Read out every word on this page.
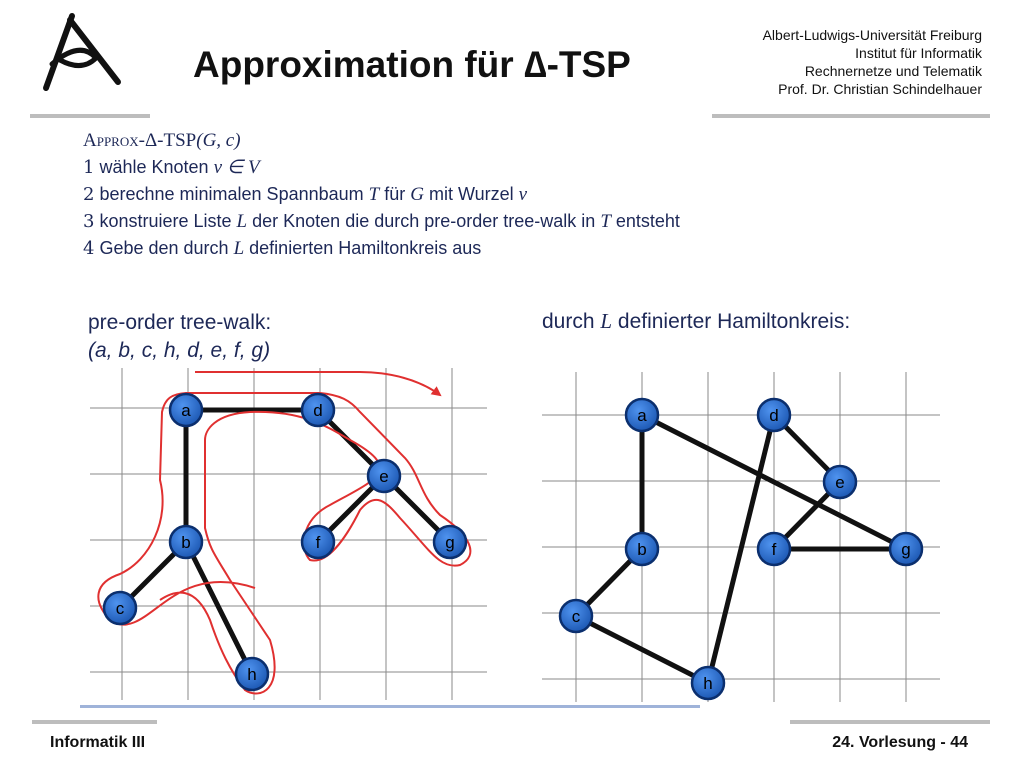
Approximation für ∆-TSP
Albert-Ludwigs-Universität Freiburg
Institut für Informatik
Rechnernetze und Telematik
Prof. Dr. Christian Schindelhauer
Approx-Δ-TSP(G, c)
1 wähle Knoten v ∈ V
2 berechne minimalen Spannbaum T für G mit Wurzel v
3 konstruiere Liste L der Knoten die durch pre-order tree-walk in T entsteht
4 Gebe den durch L definierten Hamiltonkreis aus
pre-order tree-walk:
(a, b, c, h, d, e, f, g)
durch L definierter Hamiltonkreis:
a
b
c
h
d
e
f	g
a
b
c
h
d
e
f	g
Informatik III	24. Vorlesung - 44
